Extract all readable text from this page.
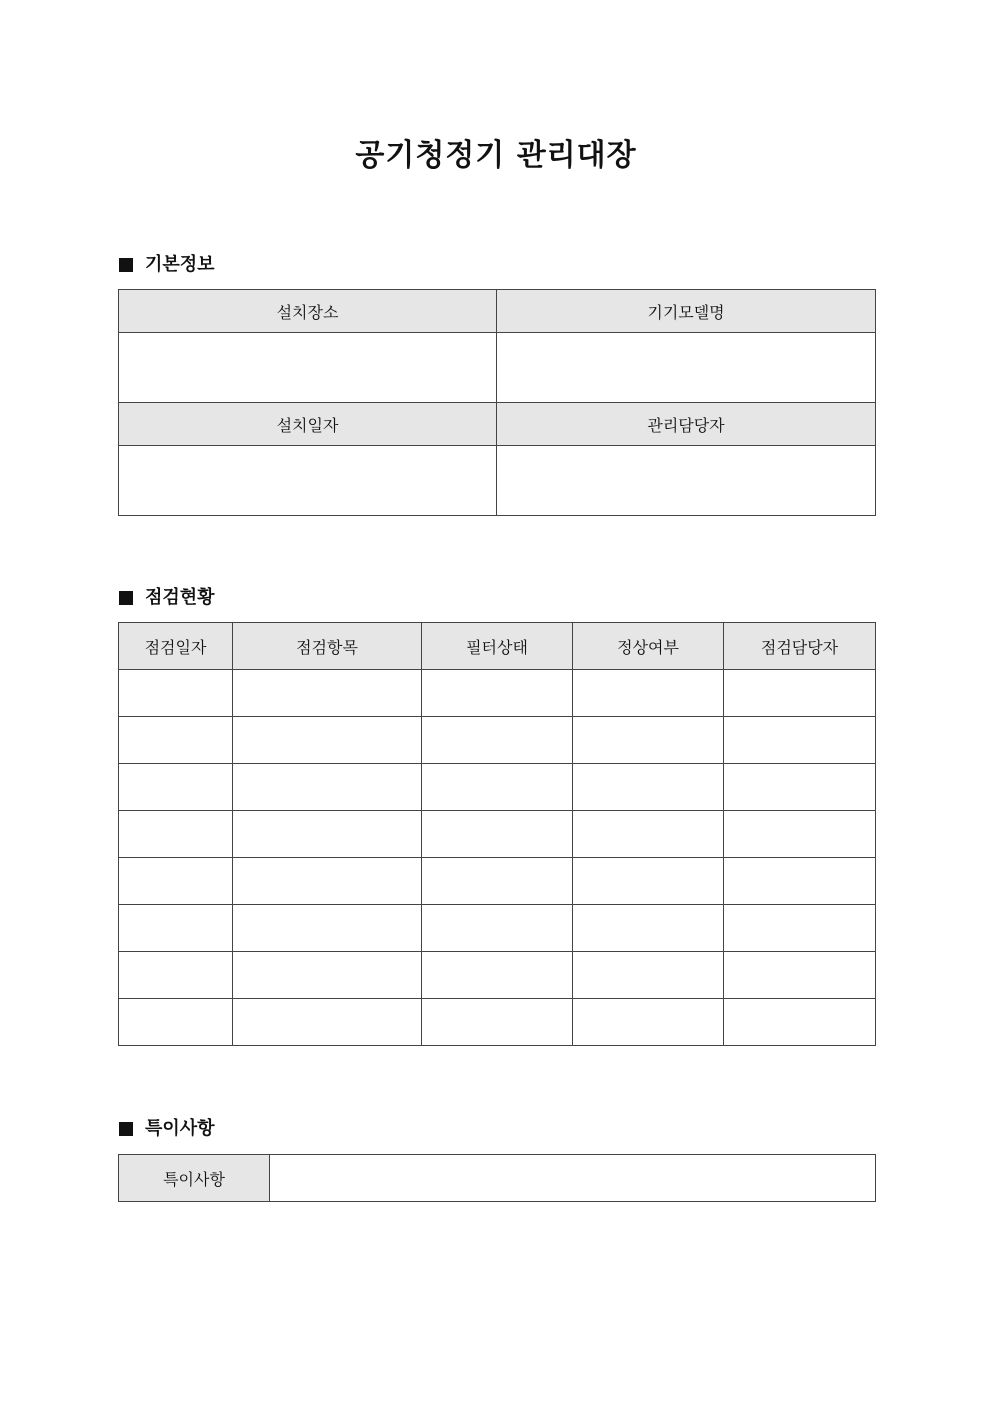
공기청정기 관리대장
기본정보
설치장소	기기모델명

설치일자	관리담당자

점검현황
점검일자	점검항목	필터상태	정상여부	점검담당자

특이사항
특이사항	
